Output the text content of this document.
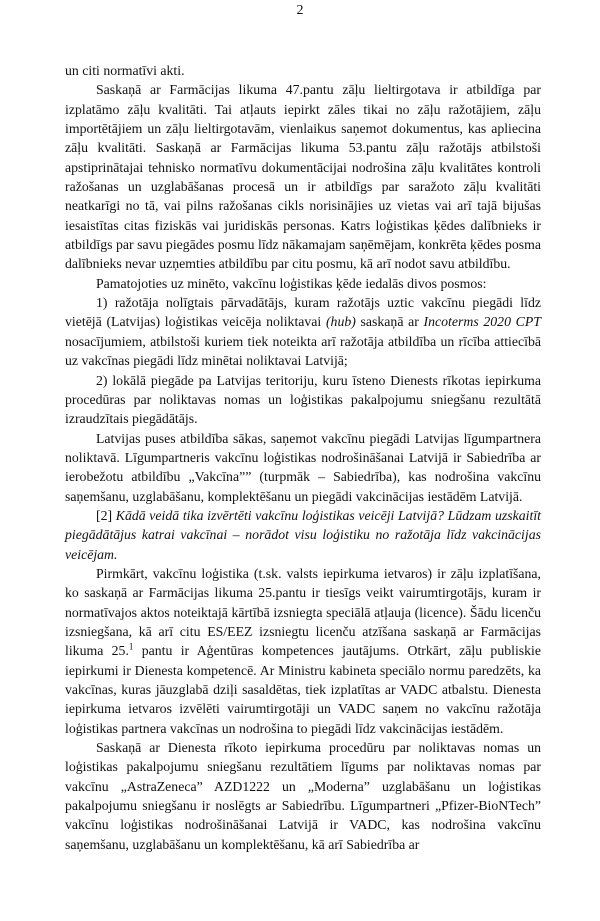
2

un citi normatīvi akti.

Saskaņā ar Farmācijas likuma 47.pantu zāļu lieltirgotava ir atbildīga par izplatāmo zāļu kvalitāti. Tai atļauts iepirkt zāles tikai no zāļu ražotājiem, zāļu importētājiem un zāļu lieltirgotavām, vienlaikus saņemot dokumentus, kas apliecina zāļu kvalitāti. Saskaņā ar Farmācijas likuma 53.pantu zāļu ražotājs atbilstoši apstiprinātajai tehnisko normatīvu dokumentācijai nodrošina zāļu kvalitātes kontroli ražošanas un uzglabāšanas procesā un ir atbildīgs par saražoto zāļu kvalitāti neatkarīgi no tā, vai pilns ražošanas cikls norisinājies uz vietas vai arī tajā bijušas iesaistītas citas fiziskās vai juridiskās personas. Katrs loģistikas ķēdes dalībnieks ir atbildīgs par savu piegādes posmu līdz nākamajam saņēmējam, konkrēta ķēdes posma dalībnieks nevar uzņemties atbildību par citu posmu, kā arī nodot savu atbildību.

Pamatojoties uz minēto, vakcīnu loģistikas ķēde iedalās divos posmos:

1) ražotāja nolīgtais pārvadātājs, kuram ražotājs uztic vakcīnu piegādi līdz vietējā (Latvijas) loģistikas veicēja noliktavai (hub) saskaņā ar Incoterms 2020 CPT nosacījumiem, atbilstoši kuriem tiek noteikta arī ražotāja atbildība un rīcība attiecībā uz vakcīnas piegādi līdz minētai noliktavai Latvijā;

2) lokālā piegāde pa Latvijas teritoriju, kuru īsteno Dienests rīkotas iepirkuma procedūras par noliktavas nomas un loģistikas pakalpojumu sniegšanu rezultātā izraudzītais piegādātājs.

Latvijas puses atbildība sākas, saņemot vakcīnu piegādi Latvijas līgumpartnera noliktavā. Līgumpartneris vakcīnu loģistikas nodrošināšanai Latvijā ir Sabiedrība ar ierobežotu atbildību „Vakcīna”” (turpmāk – Sabiedrība), kas nodrošina vakcīnu saņemšanu, uzglabāšanu, komplektēšanu un piegādi vakcinācijas iestādēm Latvijā.

[2] Kādā veidā tika izvērtēti vakcīnu loģistikas veicēji Latvijā? Lūdzam uzskaitīt piegādātājus katrai vakcīnai – norādot visu loģistiku no ražotāja līdz vakcinācijas veicējam.

Pirmkārt, vakcīnu loģistika (t.sk. valsts iepirkuma ietvaros) ir zāļu izplatīšana, ko saskaņā ar Farmācijas likuma 25.pantu ir tiesīgs veikt vairumtirgotājs, kuram ir normatīvajos aktos noteiktajā kārtībā izsniegta speciālā atļauja (licence). Šādu licenču izsniegšana, kā arī citu ES/EEZ izsniegtu licenču atzīšana saskaņā ar Farmācijas likuma 25.$^1$ pantu ir Aģentūras kompetences jautājums. Otrkārt, zāļu publiskie iepirkumi ir Dienesta kompetencē. Ar Ministru kabineta speciālo normu paredzēts, ka vakcīnas, kuras jāuzglabā dziļi sasaldētas, tiek izplatītas ar VADC atbalstu. Dienesta iepirkuma ietvaros izvēlēti vairumtirgotāji un VADC saņem no vakcīnu ražotāja loģistikas partnera vakcīnas un nodrošina to piegādi līdz vakcinācijas iestādēm.

Saskaņā ar Dienesta rīkoto iepirkuma procedūru par noliktavas nomas un loģistikas pakalpojumu sniegšanu rezultātiem līgums par noliktavas nomas par vakcīnu „AstraZeneca” AZD1222 un „Moderna” uzglabāšanu un loģistikas pakalpojumu sniegšanu ir noslēgts ar Sabiedrību. Līgumpartneri „Pfizer-BioNTech” vakcīnu loģistikas nodrošināšanai Latvijā ir VADC, kas nodrošina vakcīnu saņemšanu, uzglabāšanu un komplektēšanu, kā arī Sabiedrība ar
